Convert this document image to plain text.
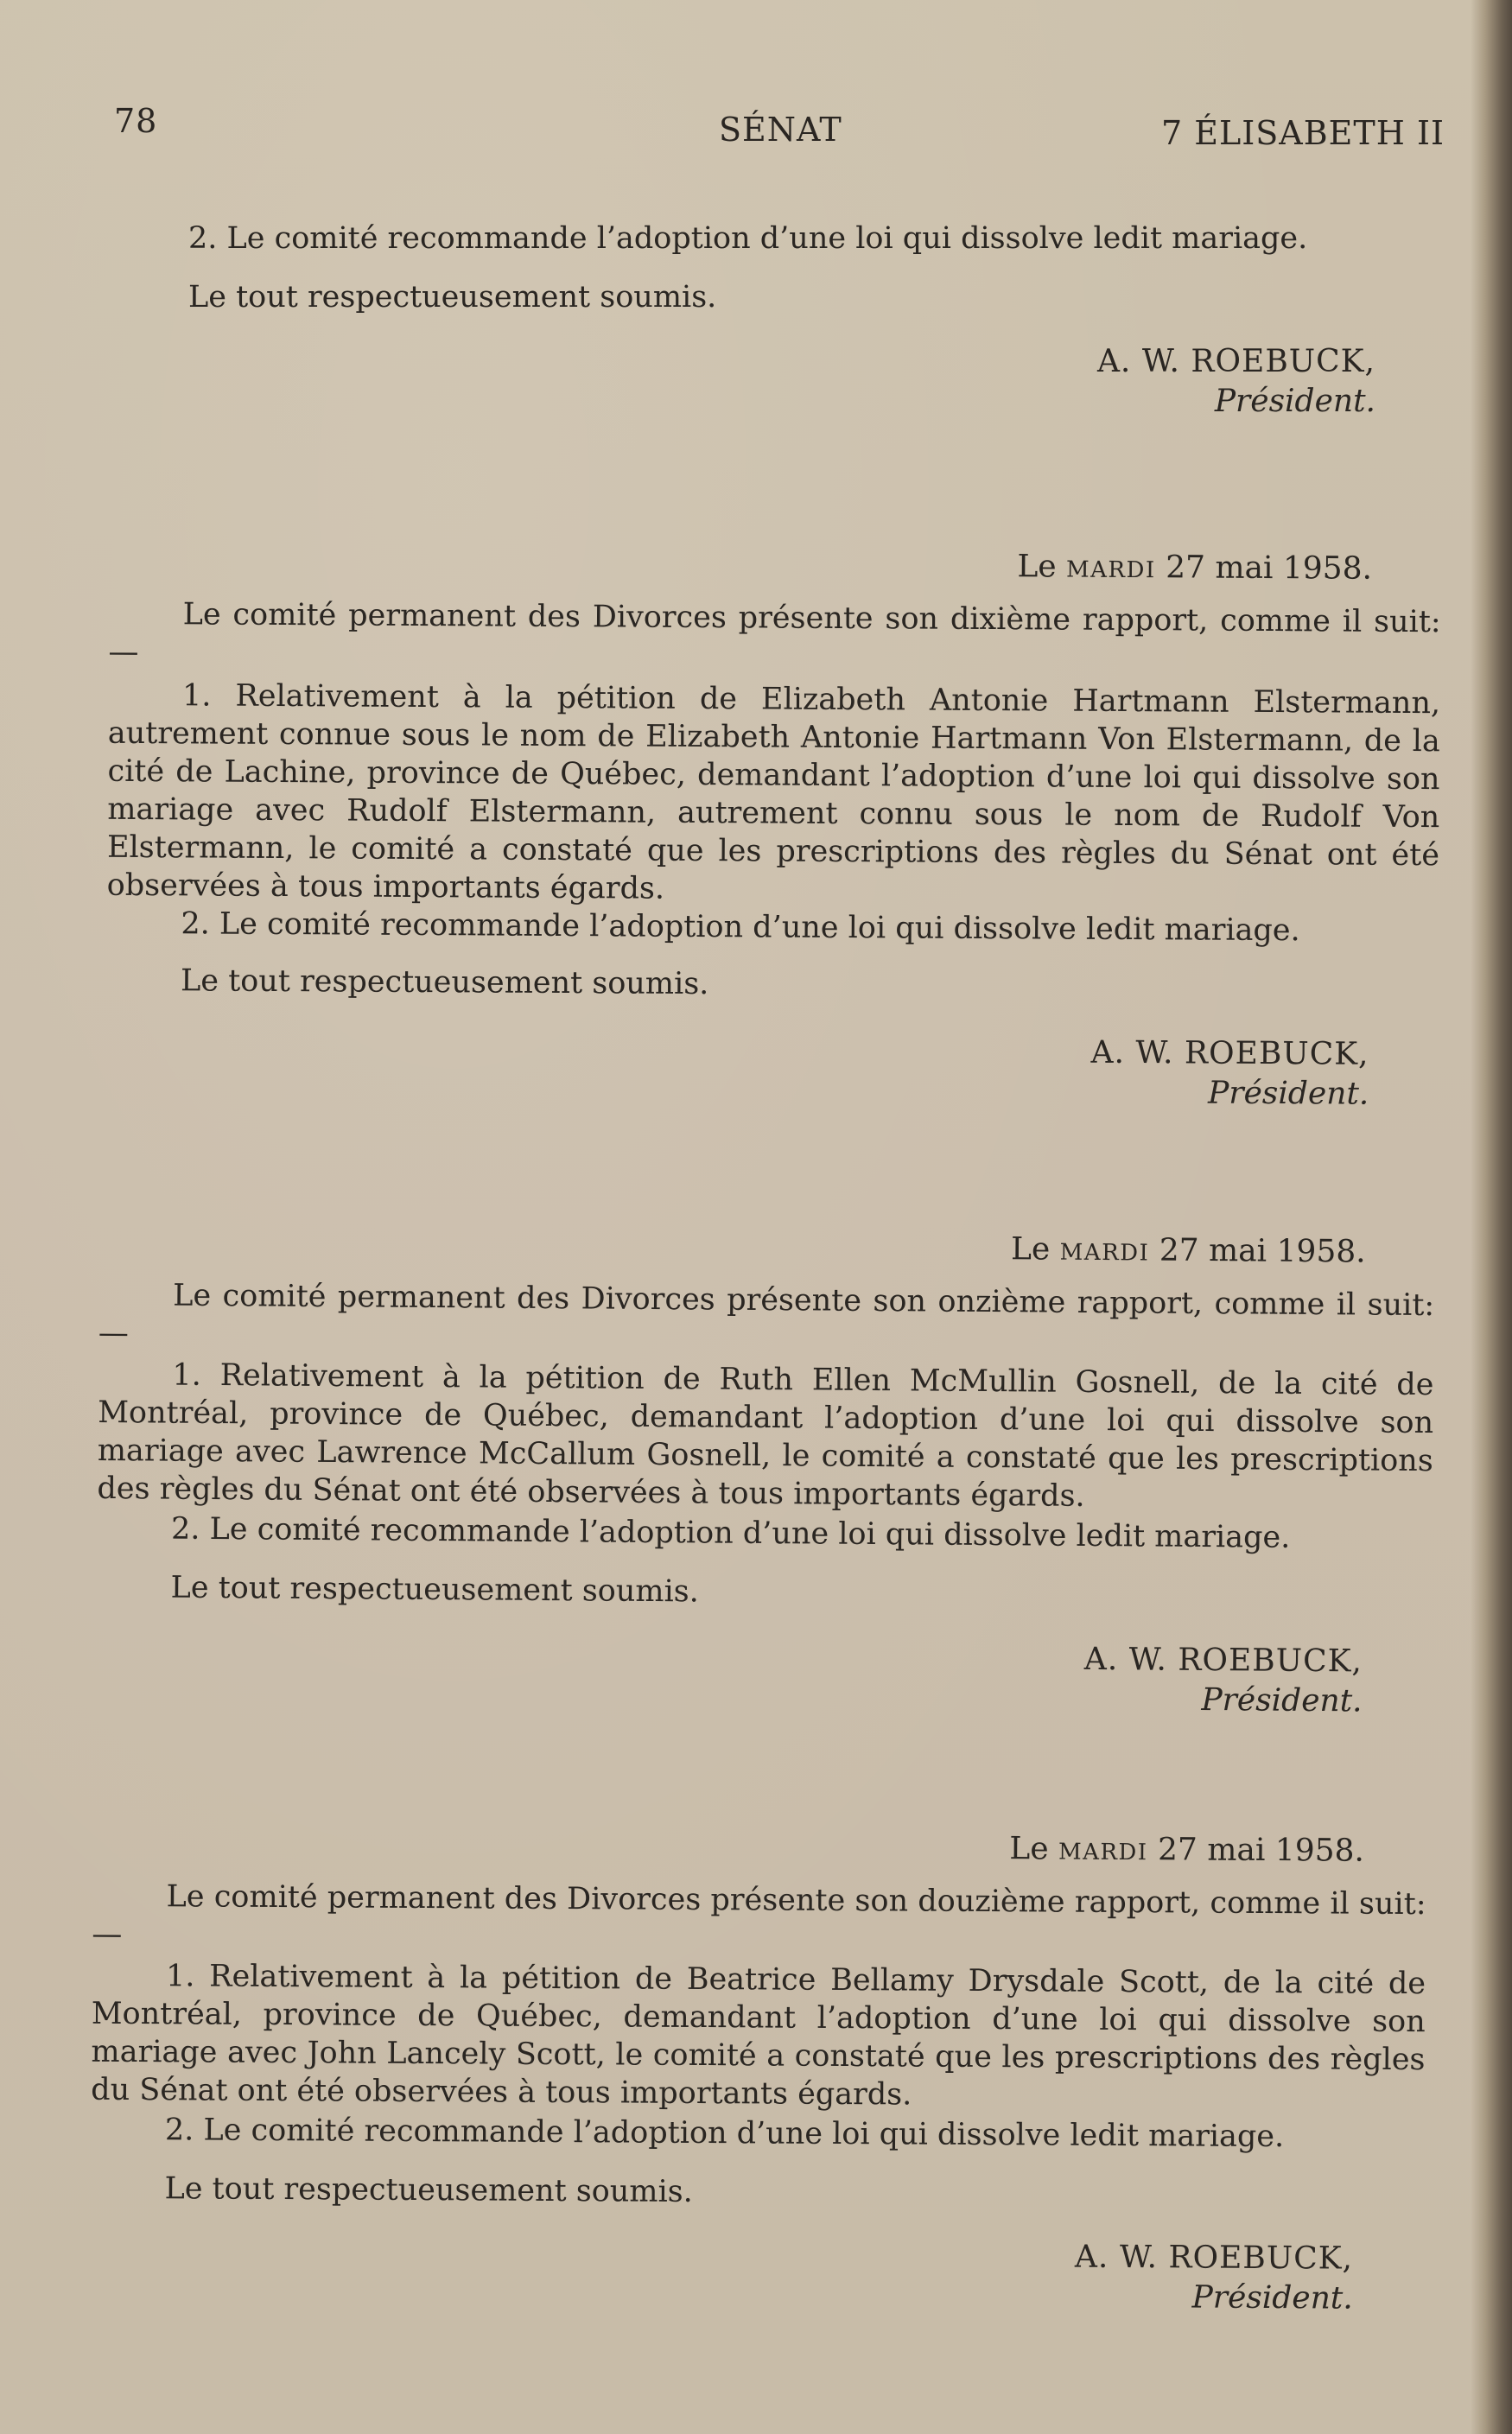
78	SÉNAT	7 ÉLISABETH II
2. Le comité recommande l’adoption d’une loi qui dissolve ledit mariage.
Le tout respectueusement soumis.
A. W. ROEBUCK,
Président.
Le MARDI 27 mai 1958.

Le comité permanent des Divorces présente son dixième rapport, comme il suit:—

1. Relativement à la pétition de Elizabeth Antonie Hartmann Elstermann, autrement connue sous le nom de Elizabeth Antonie Hartmann Von Elstermann, de la cité de Lachine, province de Québec, demandant l’adoption d’une loi qui dissolve son mariage avec Rudolf Elstermann, autrement connu sous le nom de Rudolf Von Elstermann, le comité a constaté que les prescriptions des règles du Sénat ont été observées à tous importants égards.

2. Le comité recommande l’adoption d’une loi qui dissolve ledit mariage.
Le tout respectueusement soumis.
A. W. ROEBUCK,
Président.
Le MARDI 27 mai 1958.

Le comité permanent des Divorces présente son onzième rapport, comme il suit:—

1. Relativement à la pétition de Ruth Ellen McMullin Gosnell, de la cité de Montréal, province de Québec, demandant l’adoption d’une loi qui dissolve son mariage avec Lawrence McCallum Gosnell, le comité a constaté que les prescriptions des règles du Sénat ont été observées à tous importants égards.

2. Le comité recommande l’adoption d’une loi qui dissolve ledit mariage.
Le tout respectueusement soumis.
A. W. ROEBUCK,
Président.
Le MARDI 27 mai 1958.

Le comité permanent des Divorces présente son douzième rapport, comme il suit:—

1. Relativement à la pétition de Beatrice Bellamy Drysdale Scott, de la cité de Montréal, province de Québec, demandant l’adoption d’une loi qui dissolve son mariage avec John Lancely Scott, le comité a constaté que les prescriptions des règles du Sénat ont été observées à tous importants égards.

2. Le comité recommande l’adoption d’une loi qui dissolve ledit mariage.
Le tout respectueusement soumis.
A. W. ROEBUCK,
Président.
